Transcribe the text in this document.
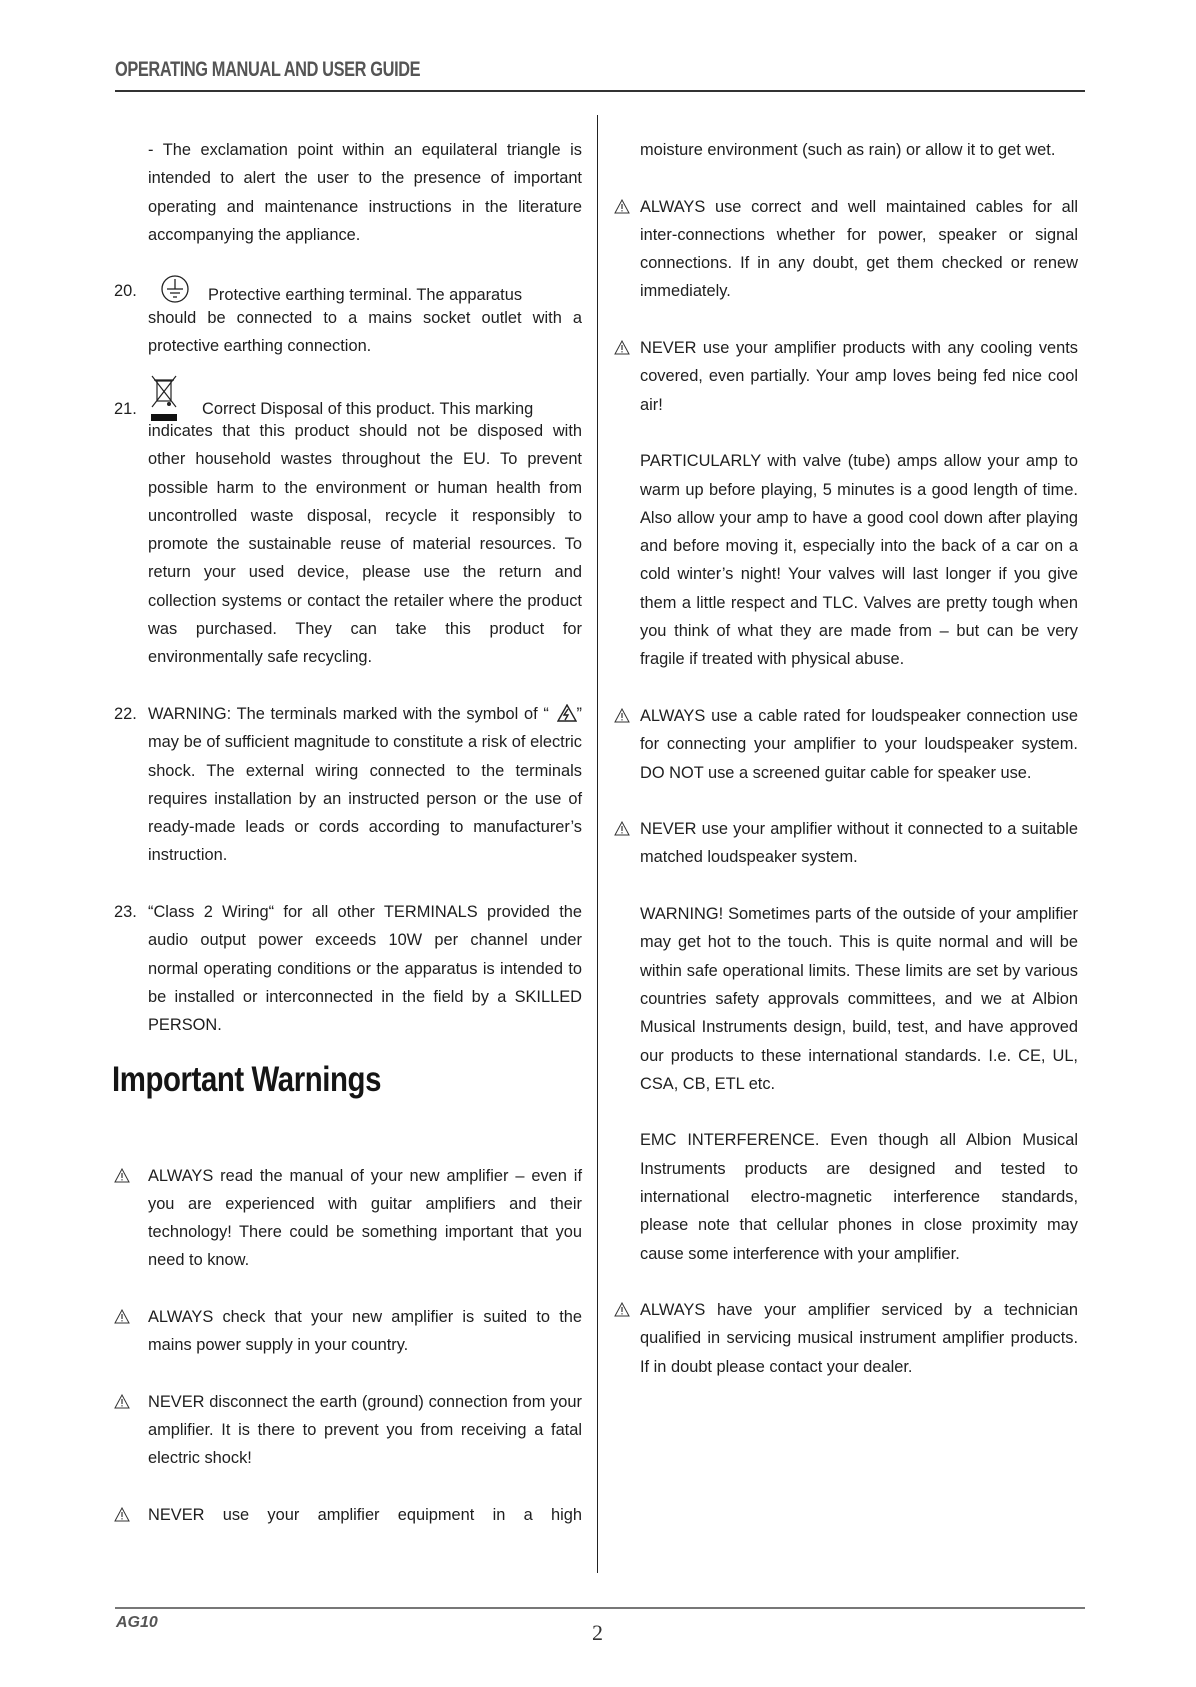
OPERATING MANUAL AND USER GUIDE
- The exclamation point within an equilateral triangle is intended to alert the user to the presence of important operating and maintenance instructions in the literature accompanying the appliance.
20.	Protective earthing terminal. The apparatus
should be connected to a mains socket outlet with a protective earthing connection.
21.	Correct Disposal of this product. This marking
indicates that this product should not be disposed with other household wastes throughout the EU. To prevent possible harm to the environment or human health from uncontrolled waste disposal, recycle it responsibly to promote the sustainable reuse of material resources. To return your used device, please use the return and collection systems or contact the retailer where the product was purchased. They can take this product for environmentally safe recycling.
22. WARNING: The terminals marked with the symbol of “ ” may be of sufficient magnitude to constitute a risk of electric shock. The external wiring connected to the terminals requires installation by an instructed person or the use of ready-made leads or cords according to manufacturer’s instruction.
23. “Class 2 Wiring“ for all other TERMINALS provided the audio output power exceeds 10W per channel under normal operating conditions or the apparatus is intended to be installed or interconnected in the field by a SKILLED PERSON.
Important Warnings
ALWAYS read the manual of your new amplifier – even if you are experienced with guitar amplifiers and their technology! There could be something important that you need to know.
ALWAYS check that your new amplifier is suited to the mains power supply in your country.
NEVER disconnect the earth (ground) connection from your amplifier. It is there to prevent you from receiving a fatal electric shock!
NEVER use your amplifier equipment in a high
moisture environment (such as rain) or allow it to get wet.
ALWAYS use correct and well maintained cables for all inter-connections whether for power, speaker or signal connections. If in any doubt, get them checked or renew immediately.
NEVER use your amplifier products with any cooling vents covered, even partially. Your amp loves being fed nice cool air!
PARTICULARLY with valve (tube) amps allow your amp to warm up before playing, 5 minutes is a good length of time. Also allow your amp to have a good cool down after playing and before moving it, especially into the back of a car on a cold winter’s night! Your valves will last longer if you give them a little respect and TLC. Valves are pretty tough when you think of what they are made from – but can be very fragile if treated with physical abuse.
ALWAYS use a cable rated for loudspeaker connection use for connecting your amplifier to your loudspeaker system. DO NOT use a screened guitar cable for speaker use.
NEVER use your amplifier without it connected to a suitable matched loudspeaker system.
WARNING! Sometimes parts of the outside of your amplifier may get hot to the touch. This is quite normal and will be within safe operational limits. These limits are set by various countries safety approvals committees, and we at Albion Musical Instruments design, build, test, and have approved our products to these international standards. I.e. CE, UL, CSA, CB, ETL etc.
EMC INTERFERENCE. Even though all Albion Musical Instruments products are designed and tested to international electro-magnetic interference standards, please note that cellular phones in close proximity may cause some interference with your amplifier.
ALWAYS have your amplifier serviced by a technician qualified in servicing musical instrument amplifier products. If in doubt please contact your dealer.
AG10	2
